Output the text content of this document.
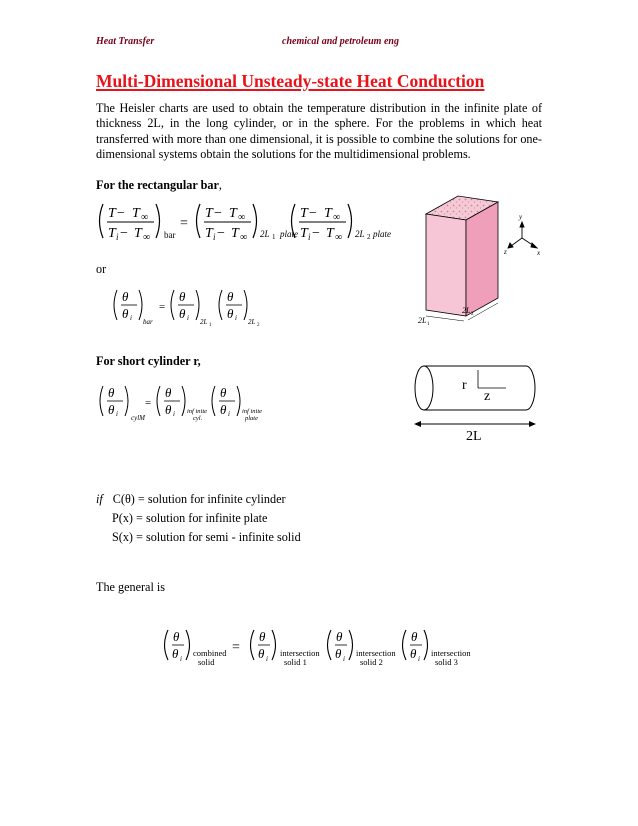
Heat Transfer	chemical and petroleum eng
Multi-Dimensional Unsteady-state Heat Conduction

The Heisler charts are used to obtain the temperature distribution in the infinite plate of thickness 2L, in the long cylinder, or in the sphere. For the problems in which heat transferred with more than one dimensional, it is possible to combine the solutions for one-dimensional systems obtain the solutions for the multidimensional problems.

For the rectangular bar,
T − T ∞
T i − T ∞ bar
=
T − T ∞
T i − T ∞ 2L 1 plate
T − T ∞
T i − T ∞ 2L 2 plate
or
θ
θ i bar
=
θ
θ i 2L 1
θ
θ i 2L 2
2L 1
2L 2
y
z	x
For short cylinder r,
θ
θ i cylM
=
θ
θ i inf inite
cyl.
θ
θ i inf inite
plate
r
z
2L
if C(θ) = solution for infinite cylinder
P(x) = solution for infinite plate
S(x) = solution for semi - infinite solid
The general is
θ
θ i
combined
solid
=
θ
θ i
intersection
solid 1
θ
θ i
intersection
solid 2
θ
θ i
intersection
solid 3
